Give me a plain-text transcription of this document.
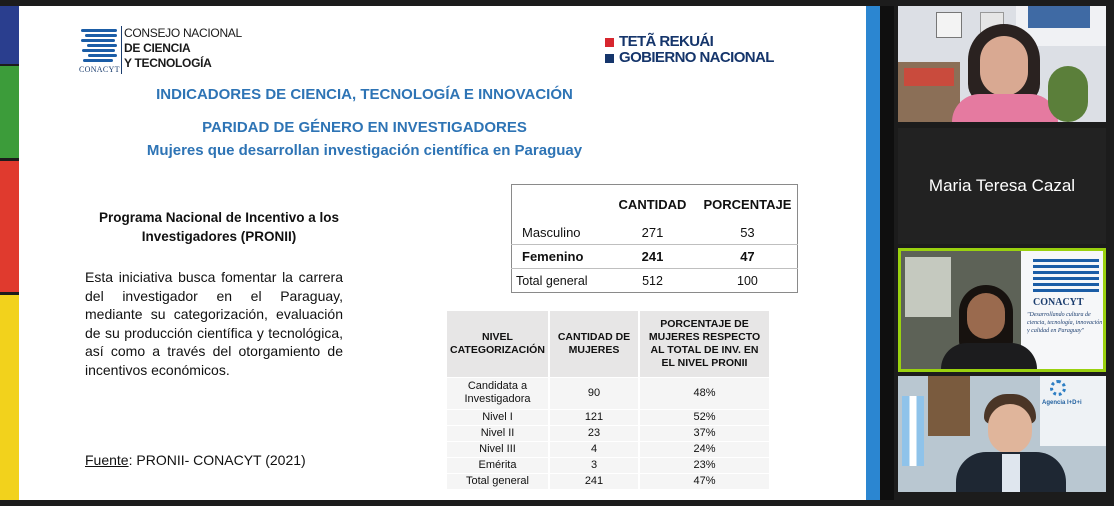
CONACYT
CONSEJO NACIONAL
DE CIENCIA
Y TECNOLOGÍA
TETÃ REKUÁI
GOBIERNO NACIONAL
INDICADORES DE CIENCIA, TECNOLOGÍA E INNOVACIÓN
PARIDAD DE GÉNERO EN INVESTIGADORES
Mujeres que desarrollan investigación científica en Paraguay
Programa Nacional de Incentivo a los
Investigadores (PRONII)
Esta iniciativa busca fomentar la carrera del investigador en el Paraguay, mediante su categorización, evaluación de su producción científica y tecnológica, así como a través del otorgamiento de incentivos económicos.
Fuente: PRONII- CONACYT (2021)
	CANTIDAD	PORCENTAJE
Masculino	271	53
Femenino	241	47
Total general	512	100
NIVEL CATEGORIZACIÓN	CANTIDAD DE MUJERES	PORCENTAJE DE MUJERES RESPECTO AL TOTAL DE INV. EN EL NIVEL PRONII
Candidata a Investigadora	90	48%
Nivel I	121	52%
Nivel II	23	37%
Nivel III	4	24%
Emérita	3	23%
Total general	241	47%
Maria Teresa Cazal
CONACYT
"Desarrollando cultura de ciencia, tecnología, innovación y calidad en Paraguay"
Agencia I+D+i
